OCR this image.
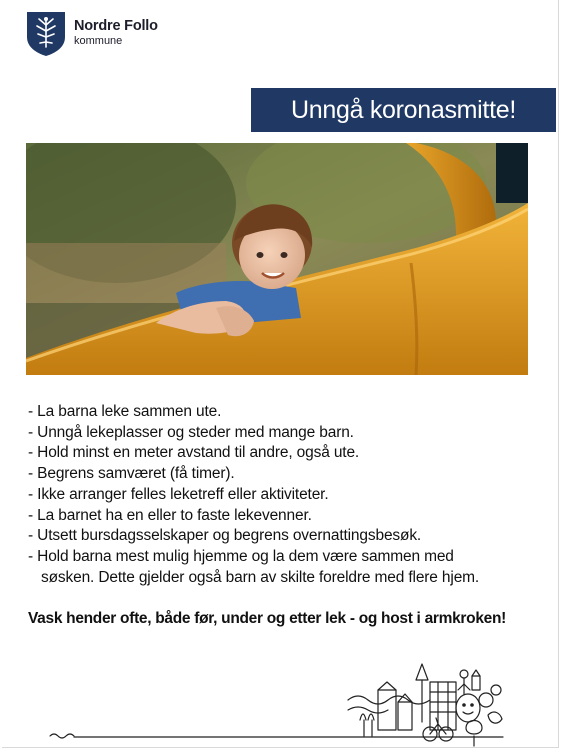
Nordre Follo
kommune
Unngå koronasmitte!
- La barna leke sammen ute.
- Unngå lekeplasser og steder med mange barn.
- Hold minst en meter avstand til andre, også ute.
- Begrens samværet (få timer).
- Ikke arranger felles leketreff eller aktiviteter.
- La barnet ha en eller to faste lekevenner.
- Utsett bursdagsselskaper og begrens overnattingsbesøk.
- Hold barna mest mulig hjemme og la dem være sammen med
søsken. Dette gjelder også barn av skilte foreldre med flere hjem.
Vask hender ofte, både før, under og etter lek - og host i armkroken!
